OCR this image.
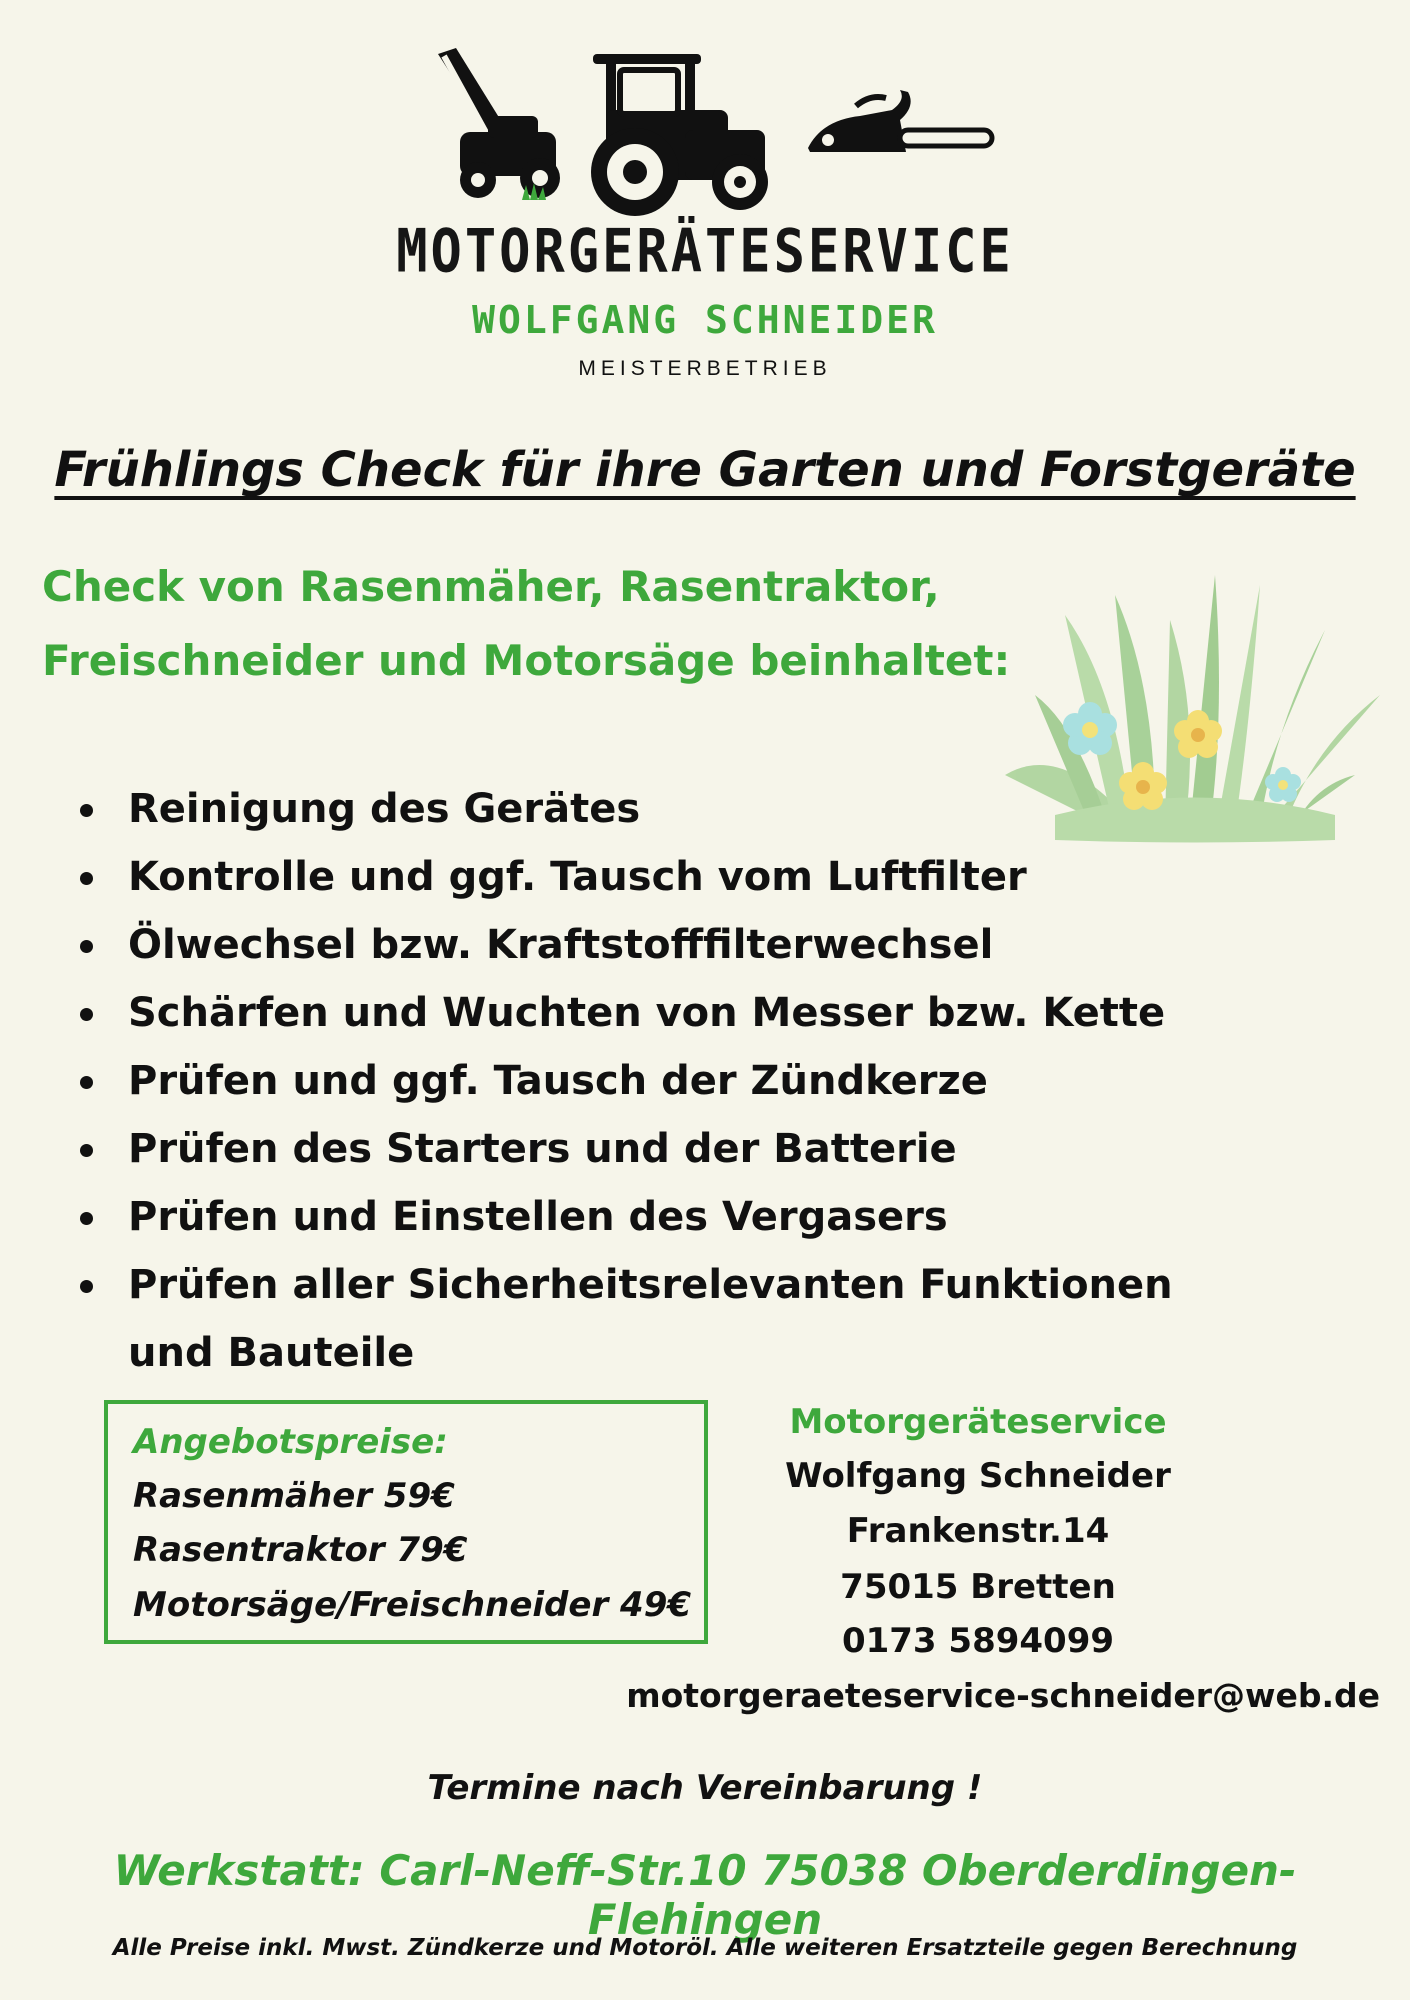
MOTORGERÄTESERVICE
WOLFGANG SCHNEIDER
MEISTERBETRIEB
Frühlings Check für ihre Garten und Forstgeräte
Check von Rasenmäher, Rasentraktor,
Freischneider und Motorsäge beinhaltet:
Reinigung des Gerätes
Kontrolle und ggf. Tausch vom Luftfilter
Ölwechsel bzw. Kraftstofffilterwechsel
Schärfen und Wuchten von Messer bzw. Kette
Prüfen und ggf. Tausch der Zündkerze
Prüfen des Starters und der Batterie
Prüfen und Einstellen des Vergasers
Prüfen aller Sicherheitsrelevanten Funktionen
und Bauteile
Angebotspreise:
Rasenmäher 59€
Rasentraktor 79€
Motorsäge/Freischneider 49€
Motorgeräteservice
Wolfgang Schneider
Frankenstr.14
75015 Bretten
0173 5894099
motorgeraeteservice-schneider@web.de
Termine nach Vereinbarung !
Werkstatt: Carl-Neff-Str.10 75038 Oberderdingen-Flehingen
Alle Preise inkl. Mwst. Zündkerze und Motoröl. Alle weiteren Ersatzteile gegen Berechnung
